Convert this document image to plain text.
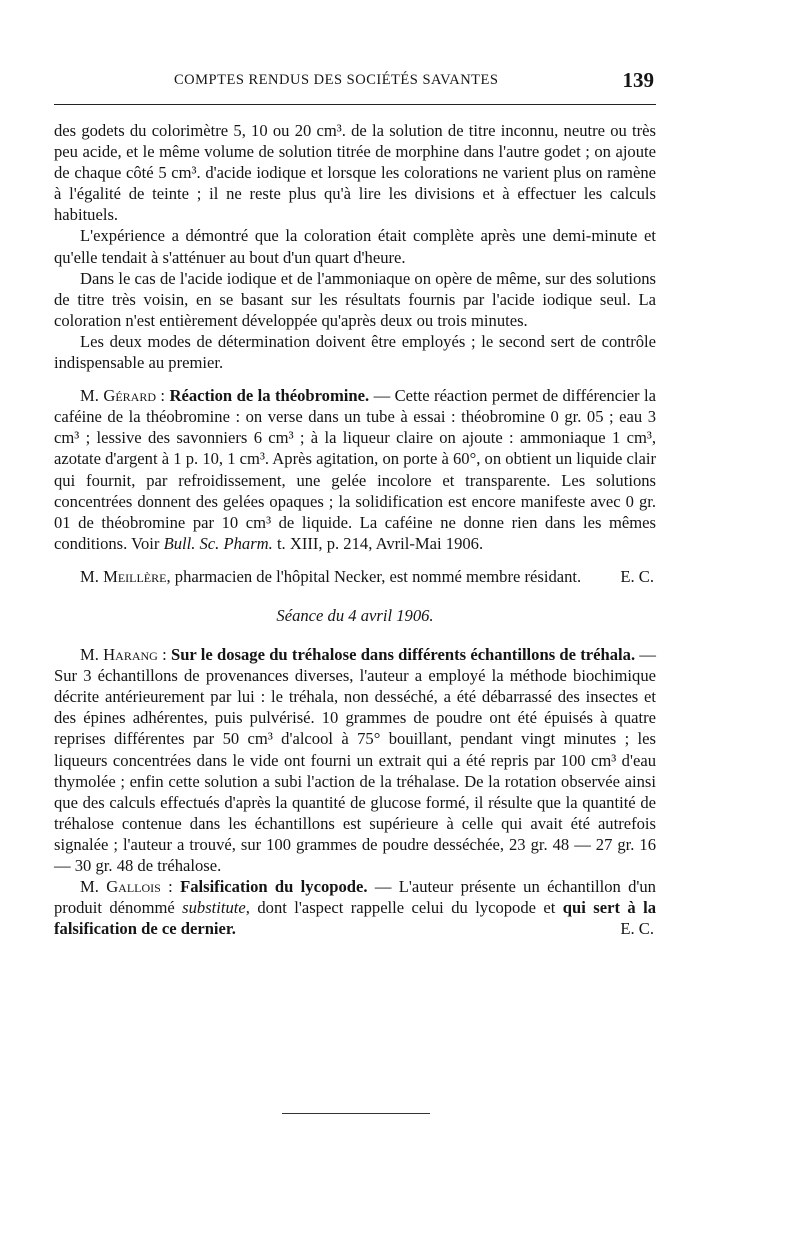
COMPTES RENDUS DES SOCIÉTÉS SAVANTES	139

des godets du colorimètre 5, 10 ou 20 cm³. de la solution de titre inconnu, neutre ou très peu acide, et le même volume de solution titrée de morphine dans l'autre godet ; on ajoute de chaque côté 5 cm³. d'acide iodique et lorsque les colorations ne varient plus on ramène à l'égalité de teinte ; il ne reste plus qu'à lire les divisions et à effectuer les calculs habituels.

L'expérience a démontré que la coloration était complète après une demi-minute et qu'elle tendait à s'atténuer au bout d'un quart d'heure.

Dans le cas de l'acide iodique et de l'ammoniaque on opère de même, sur des solutions de titre très voisin, en se basant sur les résultats fournis par l'acide iodique seul. La coloration n'est entièrement développée qu'après deux ou trois minutes.

Les deux modes de détermination doivent être employés ; le second sert de contrôle indispensable au premier.

M. Gérard : Réaction de la théobromine. — Cette réaction permet de différencier la caféine de la théobromine : on verse dans un tube à essai : théobromine 0 gr. 05 ; eau 3 cm³ ; lessive des savonniers 6 cm³ ; à la liqueur claire on ajoute : ammoniaque 1 cm³, azotate d'argent à 1 p. 10, 1 cm³. Après agitation, on porte à 60°, on obtient un liquide clair qui fournit, par refroidissement, une gelée incolore et transparente. Les solutions concentrées donnent des gelées opaques ; la solidification est encore manifeste avec 0 gr. 01 de théobromine par 10 cm³ de liquide. La caféine ne donne rien dans les mêmes conditions. Voir Bull. Sc. Pharm. t. XIII, p. 214, Avril-Mai 1906.

M. Meillère, pharmacien de l'hôpital Necker, est nommé membre résidant.	E. C.

Séance du 4 avril 1906.

M. Harang : Sur le dosage du tréhalose dans différents échantillons de tréhala. — Sur 3 échantillons de provenances diverses, l'auteur a employé la méthode biochimique décrite antérieurement par lui : le tréhala, non desséché, a été débarrassé des insectes et des épines adhérentes, puis pulvérisé. 10 grammes de poudre ont été épuisés à quatre reprises différentes par 50 cm³ d'alcool à 75° bouillant, pendant vingt minutes ; les liqueurs concentrées dans le vide ont fourni un extrait qui a été repris par 100 cm³ d'eau thymolée ; enfin cette solution a subi l'action de la tréhalase. De la rotation observée ainsi que des calculs effectués d'après la quantité de glucose formé, il résulte que la quantité de tréhalose contenue dans les échantillons est supérieure à celle qui avait été autrefois signalée ; l'auteur a trouvé, sur 100 grammes de poudre desséchée, 23 gr. 48 — 27 gr. 16 — 30 gr. 48 de tréhalose.

M. Gallois : Falsification du lycopode. — L'auteur présente un échantillon d'un produit dénommé substitute, dont l'aspect rappelle celui du lycopode et qui sert à la falsification de ce dernier.	E. C.
